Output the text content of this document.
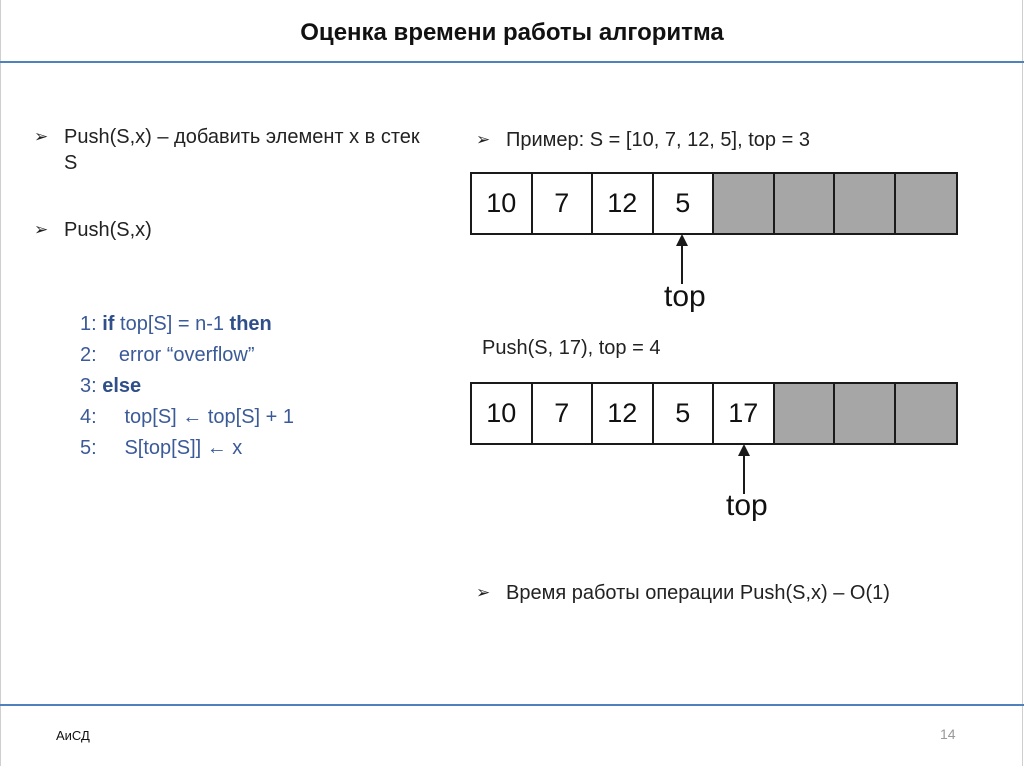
Оценка времени работы алгоритма
➢ Push(S,x) – добавить элемент x в стек S
➢ Push(S,x)
1: if top[S] = n-1 then
2:    error “overflow”
3: else
4:     top[S] ← top[S] + 1
5:     S[top[S]] ← x
➢ Пример: S = [10, 7, 12, 5], top = 3
10	7	12	5
top
Push(S, 17), top = 4
10	7	12	5	17
top
➢ Время работы операции Push(S,x) – O(1)
АиСД	14
